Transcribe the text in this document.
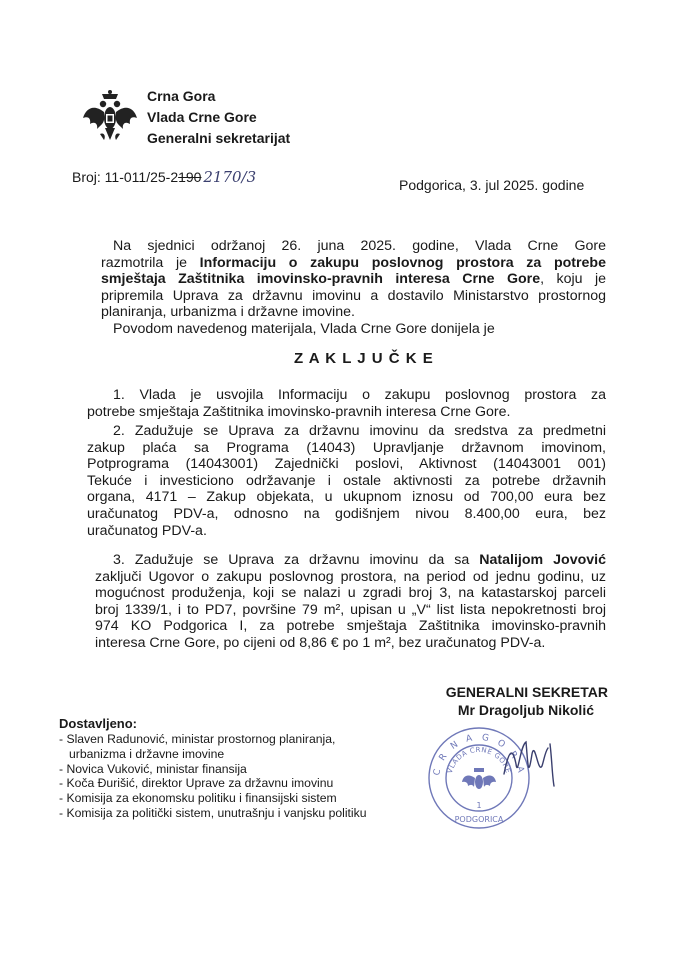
Crna Gora
Vlada Crne Gore
Generalni sekretarijat
Broj: 11-011/25-2190 2170/3	Podgorica, 3. jul 2025. godine
Na sjednici održanoj 26. juna 2025. godine, Vlada Crne Gore
razmotrila je Informaciju o zakupu poslovnog prostora za potrebe
smještaja Zaštitnika imovinsko-pravnih interesa Crne Gore, koju je
pripremila Uprava za državnu imovinu a dostavilo Ministarstvo prostornog
planiranja, urbanizma i državne imovine.
Povodom navedenog materijala, Vlada Crne Gore donijela je
Z A K L J U Č K E
1. Vlada je usvojila Informaciju o zakupu poslovnog prostora za
potrebe smještaja Zaštitnika imovinsko-pravnih interesa Crne Gore.
2. Zadužuje se Uprava za državnu imovinu da sredstva za predmetni
zakup plaća sa Programa (14043) Upravljanje državnom imovinom,
Potprograma (14043001) Zajednički poslovi, Aktivnost (14043001 001)
Tekuće i investiciono održavanje i ostale aktivnosti za potrebe državnih
organa, 4171 – Zakup objekata, u ukupnom iznosu od 700,00 eura bez
uračunatog PDV-a, odnosno na godišnjem nivou 8.400,00 eura, bez
uračunatog PDV-a.
3. Zadužuje se Uprava za državnu imovinu da sa Natalijom Jovović
zaključi Ugovor o zakupu poslovnog prostora, na period od jednu godinu, uz
mogućnost produženja, koji se nalazi u zgradi broj 3, na katastarskoj parceli
broj 1339/1, i to PD7, površine 79 m², upisan u „V“ list lista nepokretnosti broj
974 KO Podgorica I, za potrebe smještaja Zaštitnika imovinsko-pravnih
interesa Crne Gore, po cijeni od 8,86 € po 1 m², bez uračunatog PDV-a.
GENERALNI SEKRETAR
Mr Dragoljub Nikolić
C R N A G O R A
VLADA CRNE GORE
1
PODGORICA
Dostavljeno:
- Slaven Radunović, ministar prostornog planiranja,
urbanizma i državne imovine
- Novica Vuković, ministar finansija
- Koča Đurišić, direktor Uprave za državnu imovinu
- Komisija za ekonomsku politiku i finansijski sistem
- Komisija za politički sistem, unutrašnju i vanjsku politiku
